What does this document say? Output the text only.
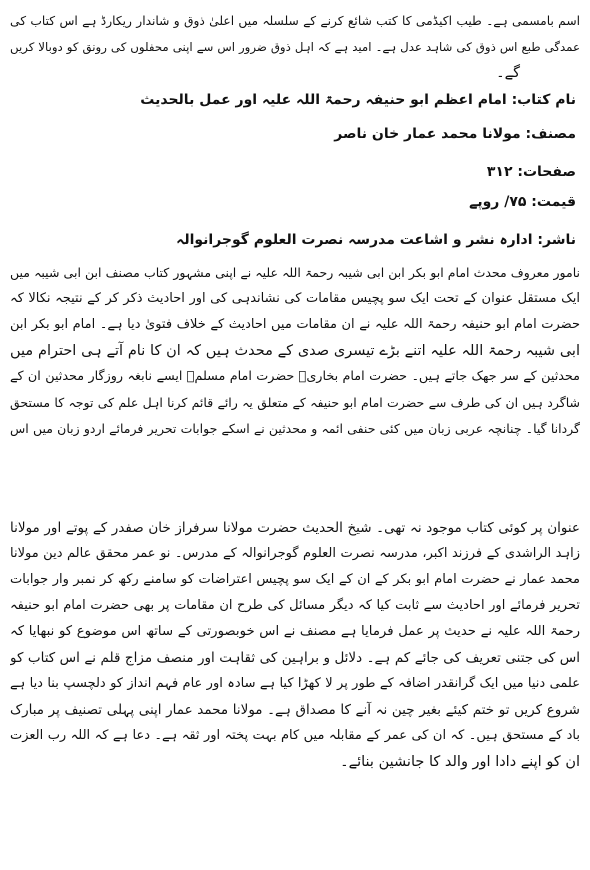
اسم بامسمی ہے۔ طیب اکیڈمی کا کتب شائع کرنے کے سلسلہ میں اعلیٰ ذوق و شاندار ریکارڈ ہے اس کتاب کی
عمدگی طبع اس ذوق کی شاہد عدل ہے۔ امید ہے کہ اہل ذوق ضرور اس سے اپنی محفلوں کی رونق کو دوبالا کریں
گے۔
نام کتاب: امام اعظم ابو حنیفہ رحمۃ اللہ علیہ اور عمل بالحدیث
مصنف: مولانا محمد عمار خان ناصر
صفحات: ۳۱۲
قیمت: ۷۵/ روپے
ناشر: ادارہ نشر و اشاعت مدرسہ نصرت العلوم گوجرانوالہ
نامور معروف محدث امام ابو بکر ابن ابی شیبہ رحمۃ اللہ علیہ نے اپنی مشہور کتاب مصنف ابن ابی شیبہ میں
ایک مستقل عنوان کے تحت ایک سو پچیس مقامات کی نشاندہی کی اور احادیث ذکر کر کے نتیجہ نکالا کہ
حضرت امام ابو حنیفہ رحمۃ اللہ علیہ نے ان مقامات میں احادیث کے خلاف فتویٰ دیا ہے۔ امام ابو بکر ابن
ابی شیبہ رحمۃ اللہ علیہ اتنے بڑے تیسری صدی کے محدث ہیں کہ ان کا نام آتے ہی احترام میں
محدثین کے سر جھک جاتے ہیں۔ حضرت امام بخاریؒ حضرت امام مسلمؒ ایسے نابغہ روزگار محدثین ان کے
شاگرد ہیں ان کی طرف سے حضرت امام ابو حنیفہ کے متعلق یہ رائے قائم کرنا اہل علم کی توجہ کا مستحق
گردانا گیا۔ چنانچہ عربی زبان میں کئی حنفی ائمہ و محدثین نے اسکے جوابات تحریر فرمائے اردو زبان میں اس
عنوان پر کوئی کتاب موجود نہ تھی۔ شیخ الحدیث حضرت مولانا سرفراز خان صفدر کے پوتے اور مولانا
زاہد الراشدی کے فرزند اکبر، مدرسہ نصرت العلوم گوجرانوالہ کے مدرس۔ نو عمر محقق عالم دین مولانا
محمد عمار نے حضرت امام ابو بکر کے ان کے ایک سو پچیس اعتراضات کو سامنے رکھ کر نمبر وار جوابات
تحریر فرمائے اور احادیث سے ثابت کیا کہ دیگر مسائل کی طرح ان مقامات پر بھی حضرت امام ابو حنیفہ
رحمۃ اللہ علیہ نے حدیث پر عمل فرمایا ہے مصنف نے اس خوبصورتی کے ساتھ اس موضوع کو نبھایا کہ
اس کی جتنی تعریف کی جائے کم ہے۔ دلائل و براہین کی ثقاہت اور منصف مزاج قلم نے اس کتاب کو
علمی دنیا میں ایک گرانقدر اضافہ کے طور پر لا کھڑا کیا ہے سادہ اور عام فہم انداز کو دلچسپ بنا دیا ہے
شروع کریں تو ختم کیئے بغیر چین نہ آنے کا مصداق ہے۔ مولانا محمد عمار اپنی پہلی تصنیف پر مبارک
باد کے مستحق ہیں۔ کہ ان کی عمر کے مقابلہ میں کام بہت پختہ اور ثقہ ہے۔ دعا ہے کہ اللہ رب العزت
ان کو اپنے دادا اور والد کا جانشین بنائے۔
